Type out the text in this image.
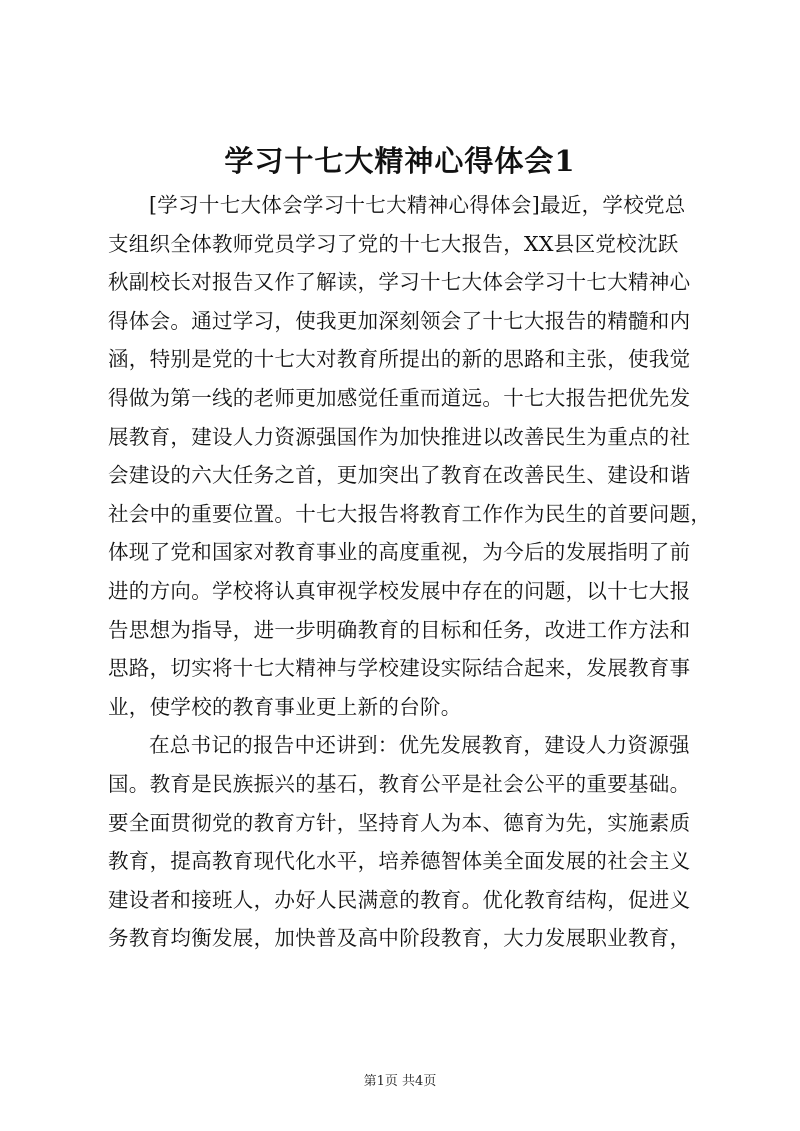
学习十七大精神心得体会1

[学习十七大体会学习十七大精神心得体会]最近，学校党总
支组织全体教师党员学习了党的十七大报告，XX县区党校沈跃
秋副校长对报告又作了解读，学习十七大体会学习十七大精神心
得体会。通过学习，使我更加深刻领会了十七大报告的精髓和内
涵，特别是党的十七大对教育所提出的新的思路和主张，使我觉
得做为第一线的老师更加感觉任重而道远。十七大报告把优先发
展教育，建设人力资源强国作为加快推进以改善民生为重点的社
会建设的六大任务之首，更加突出了教育在改善民生、建设和谐
社会中的重要位置。十七大报告将教育工作作为民生的首要问题，
体现了党和国家对教育事业的高度重视，为今后的发展指明了前
进的方向。学校将认真审视学校发展中存在的问题，以十七大报
告思想为指导，进一步明确教育的目标和任务，改进工作方法和
思路，切实将十七大精神与学校建设实际结合起来，发展教育事
业，使学校的教育事业更上新的台阶。

在总书记的报告中还讲到：优先发展教育，建设人力资源强
国。教育是民族振兴的基石，教育公平是社会公平的重要基础。
要全面贯彻党的教育方针，坚持育人为本、德育为先，实施素质
教育，提高教育现代化水平，培养德智体美全面发展的社会主义
建设者和接班人，办好人民满意的教育。优化教育结构，促进义
务教育均衡发展，加快普及高中阶段教育，大力发展职业教育，

第1页 共4页
